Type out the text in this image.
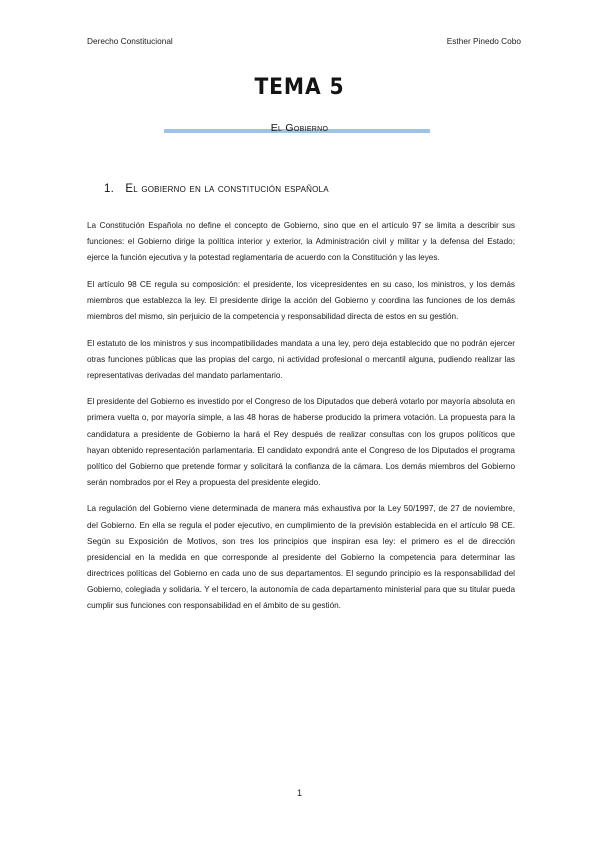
Derecho Constitucional	Esther Pinedo Cobo
TEMA 5
El Gobierno
1. El gobierno en la constitución española

La Constitución Española no define el concepto de Gobierno, sino que en el artículo 97 se limita a describir sus funciones: el Gobierno dirige la política interior y exterior, la Administración civil y militar y la defensa del Estado; ejerce la función ejecutiva y la potestad reglamentaria de acuerdo con la Constitución y las leyes.

El artículo 98 CE regula su composición: el presidente, los vicepresidentes en su caso, los ministros, y los demás miembros que establezca la ley. El presidente dirige la acción del Gobierno y coordina las funciones de los demás miembros del mismo, sin perjuicio de la competencia y responsabilidad directa de estos en su gestión.

El estatuto de los ministros y sus incompatibilidades mandata a una ley, pero deja establecido que no podrán ejercer otras funciones públicas que las propias del cargo, ni actividad profesional o mercantil alguna, pudiendo realizar las representativas derivadas del mandato parlamentario.

El presidente del Gobierno es investido por el Congreso de los Diputados que deberá votarlo por mayoría absoluta en primera vuelta o, por mayoría simple, a las 48 horas de haberse producido la primera votación. La propuesta para la candidatura a presidente de Gobierno la hará el Rey después de realizar consultas con los grupos políticos que hayan obtenido representación parlamentaria. El candidato expondrá ante el Congreso de los Diputados el programa político del Gobierno que pretende formar y solicitará la confianza de la cámara. Los demás miembros del Gobierno serán nombrados por el Rey a propuesta del presidente elegido.

La regulación del Gobierno viene determinada de manera más exhaustiva por la Ley 50/1997, de 27 de noviembre, del Gobierno. En ella se regula el poder ejecutivo, en cumplimiento de la previsión establecida en el artículo 98 CE. Según su Exposición de Motivos, son tres los principios que inspiran esa ley: el primero es el de dirección presidencial en la medida en que corresponde al presidente del Gobierno la competencia para determinar las directrices políticas del Gobierno en cada uno de sus departamentos. El segundo principio es la responsabilidad del Gobierno, colegiada y solidaria. Y el tercero, la autonomía de cada departamento ministerial para que su titular pueda cumplir sus funciones con responsabilidad en el ámbito de su gestión.

1
